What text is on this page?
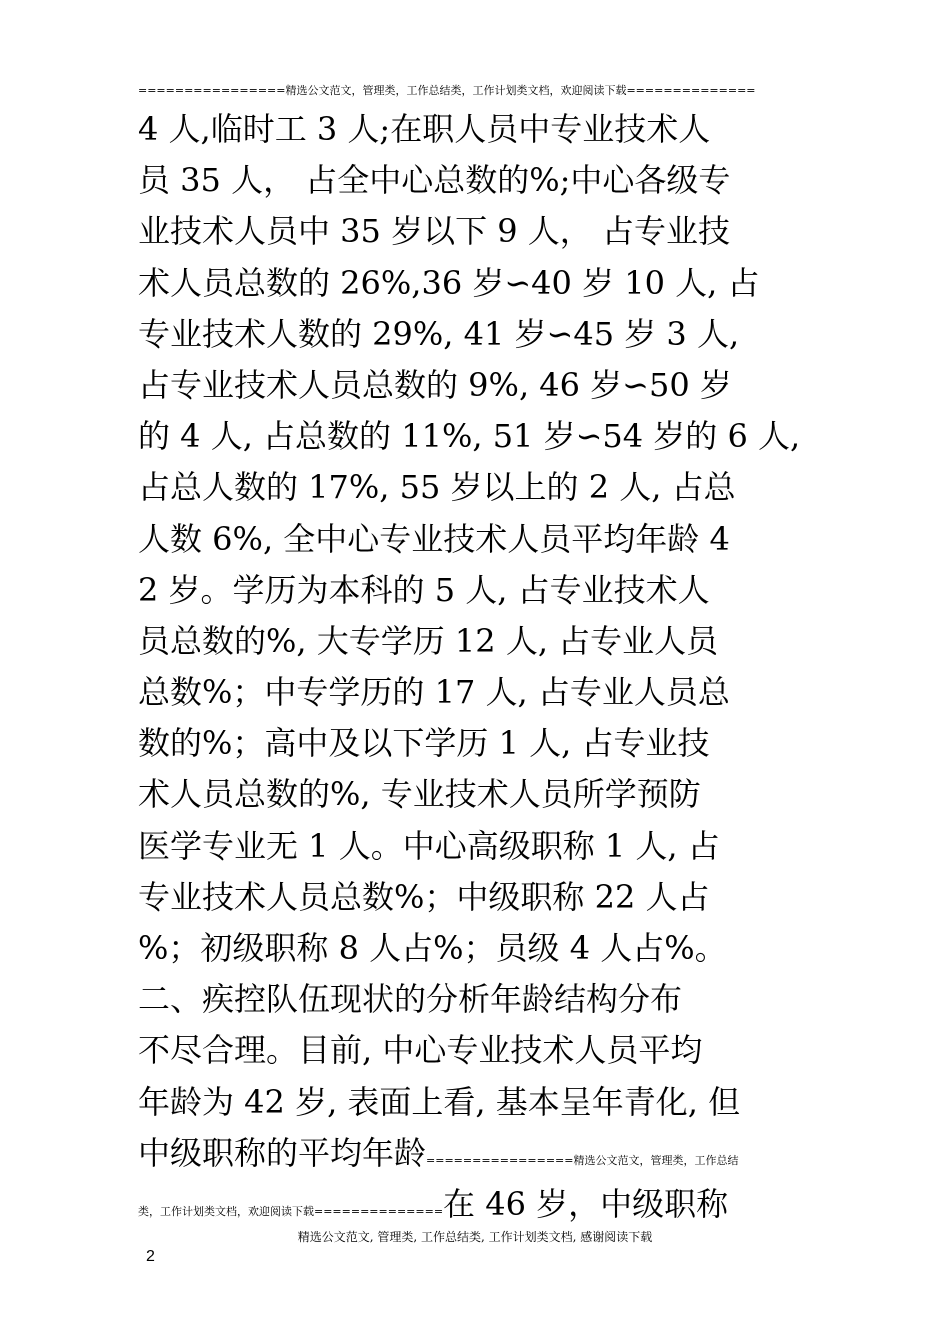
================精选公文范文，管理类，工作总结类，工作计划类文档，欢迎阅读下载==============
4 人,临时工 3 人;在职人员中专业技术人
员 35 人， 占全中心总数的%;中心各级专
业技术人员中 35 岁以下 9 人， 占专业技
术人员总数的 26%,36 岁∽40 岁 10 人, 占
专业技术人数的 29%, 41 岁∽45 岁 3 人,
占专业技术人员总数的 9%, 46 岁∽50 岁
的 4 人, 占总数的 11%, 51 岁∽54 岁的 6 人,
占总人数的 17%, 55 岁以上的 2 人, 占总
人数 6%, 全中心专业技术人员平均年龄 4
2 岁。学历为本科的 5 人, 占专业技术人
员总数的%, 大专学历 12 人, 占专业人员
总数%；中专学历的 17 人, 占专业人员总
数的%；高中及以下学历 1 人, 占专业技
术人员总数的%, 专业技术人员所学预防
医学专业无 1 人。中心高级职称 1 人, 占
专业技术人员总数%；中级职称 22 人占
%；初级职称 8 人占%；员级 4 人占%。
二、疾控队伍现状的分析年龄结构分布
不尽合理。目前, 中心专业技术人员平均
年龄为 42 岁, 表面上看, 基本呈年青化, 但
中级职称的平均年龄================精选公文范文，管理类，工作总结
类，工作计划类文档，欢迎阅读下载==============在 46 岁，中级职称
精选公文范文, 管理类, 工作总结类, 工作计划类文档, 感谢阅读下载
2
